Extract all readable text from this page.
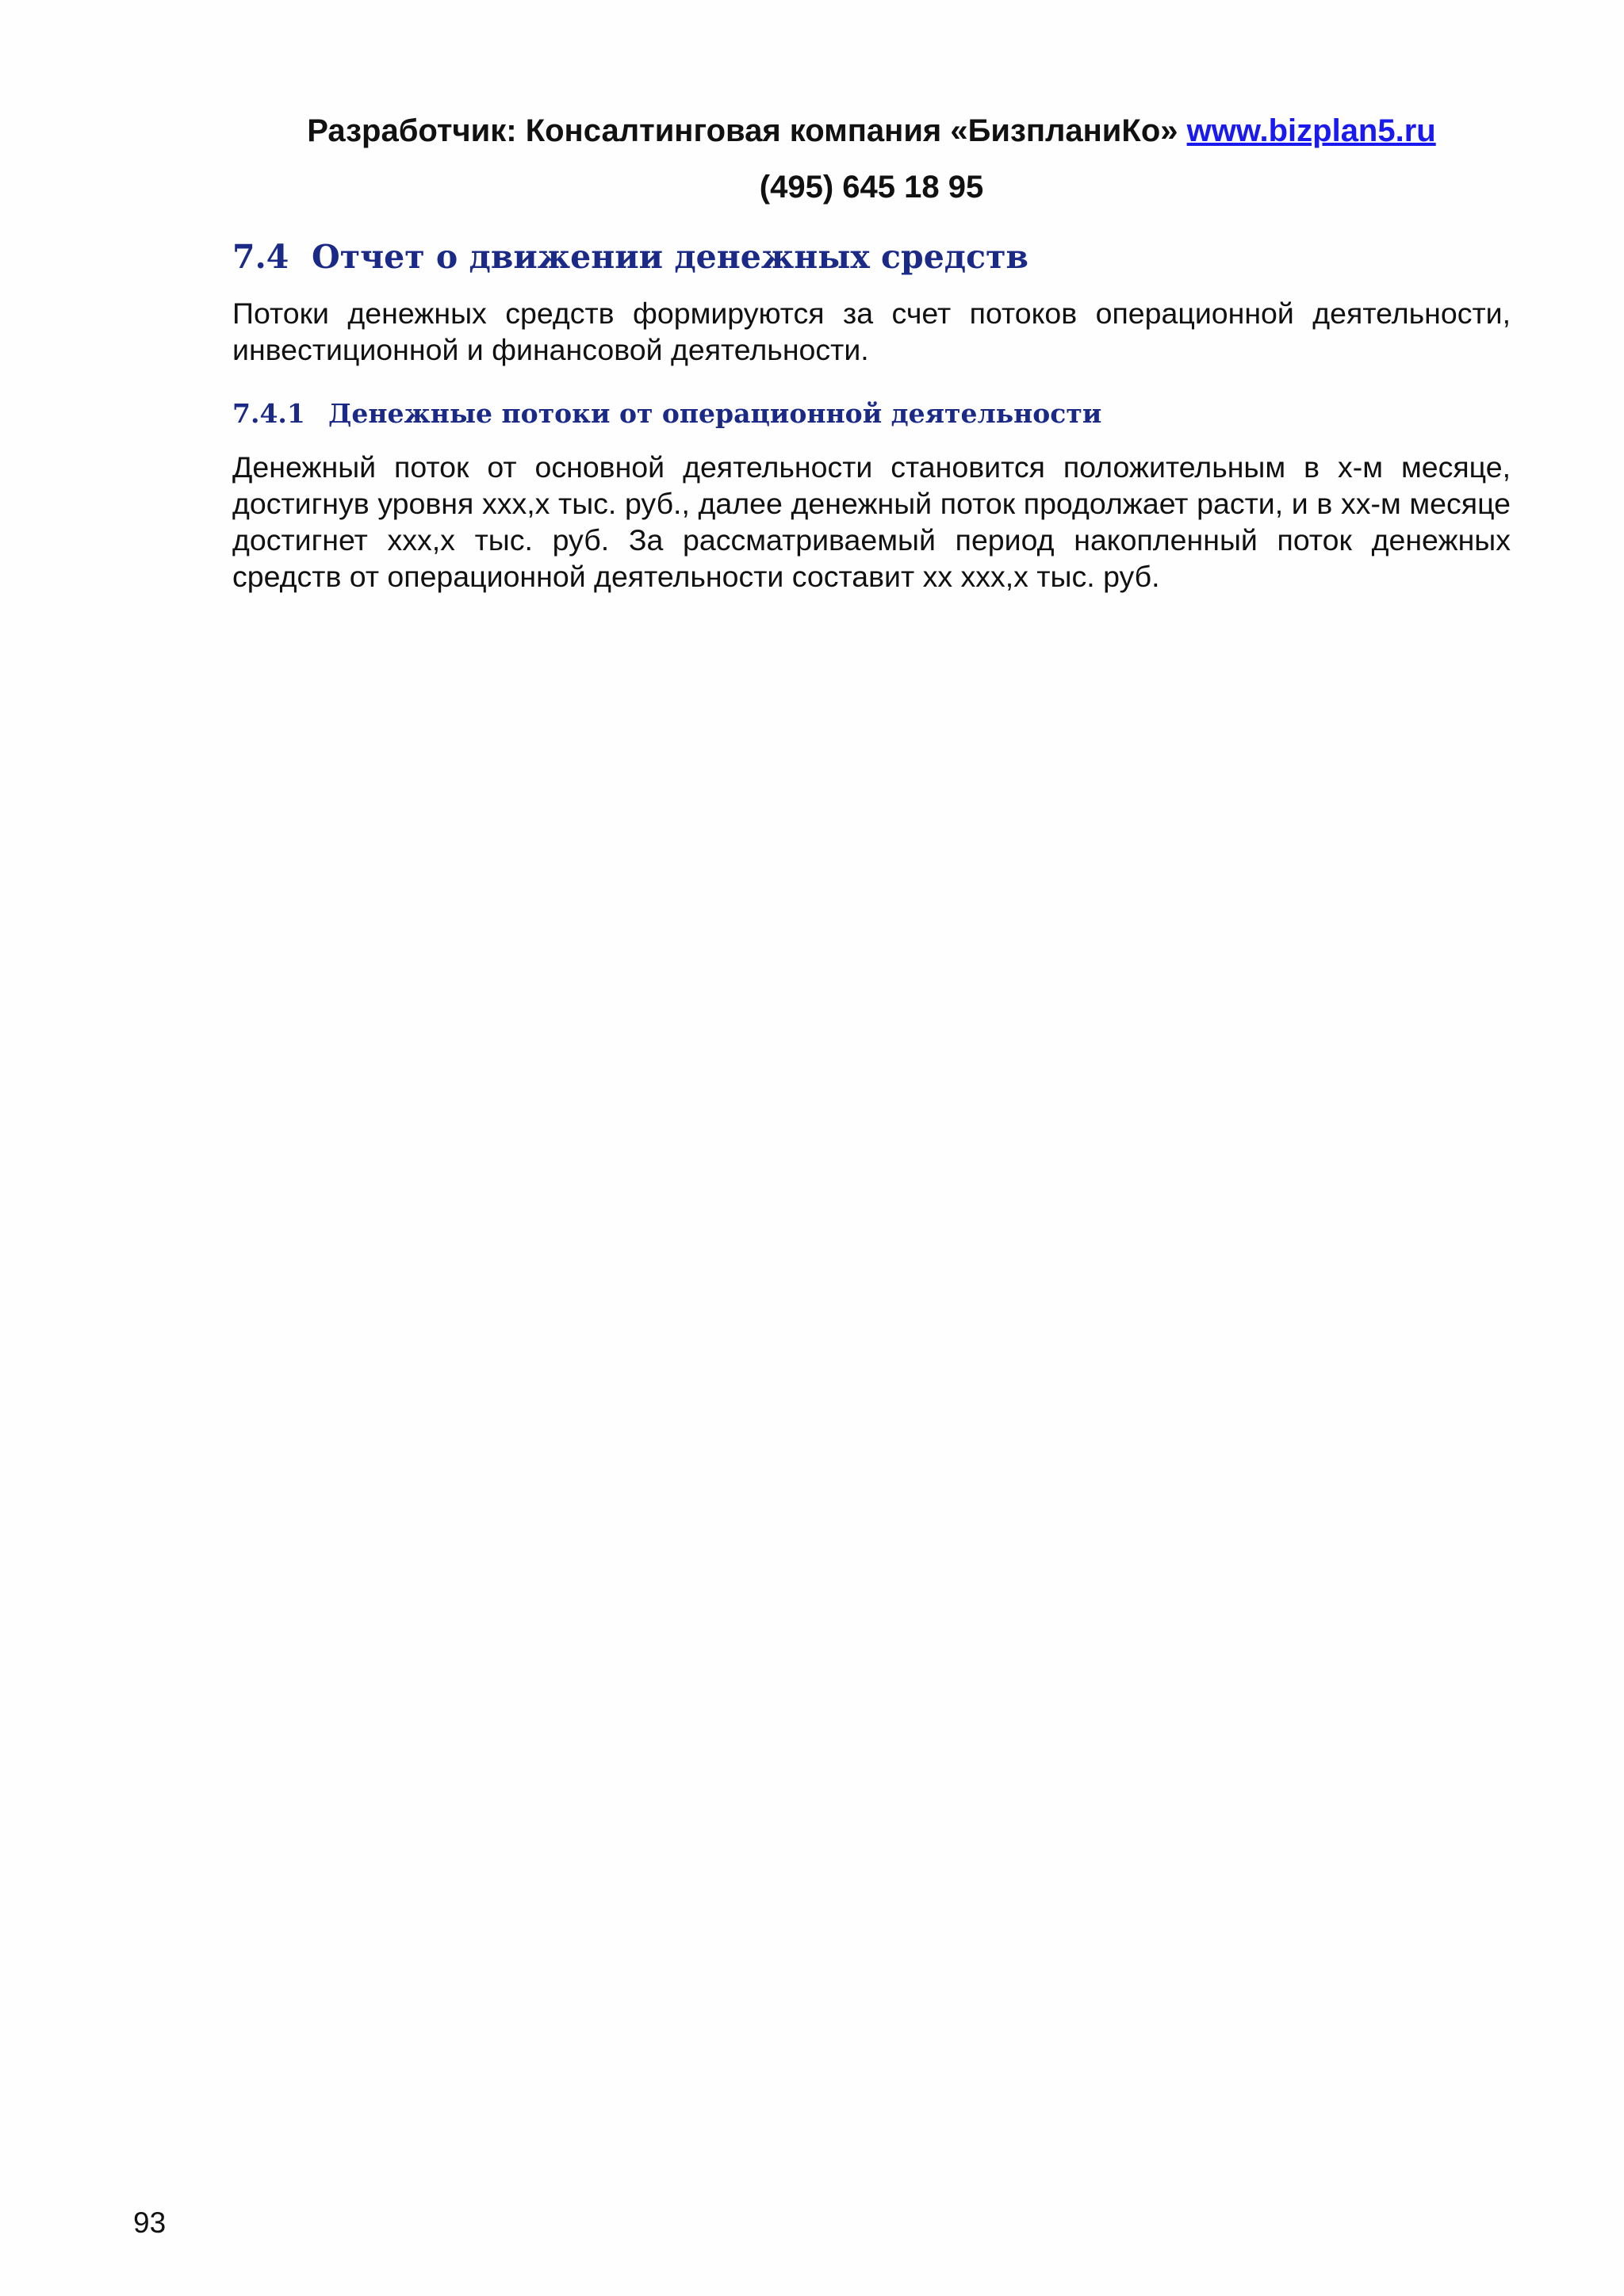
Разработчик: Консалтинговая компания «БизпланиКо» www.bizplan5.ru
(495) 645 18 95
7.4 Отчет о движении денежных средств
Потоки денежных средств формируются за счет потоков операционной деятельности, инвестиционной и финансовой деятельности.
7.4.1 Денежные потоки от операционной деятельности
Денежный поток от основной деятельности становится положительным в х-м месяце, достигнув уровня ххх,х тыс. руб., далее денежный поток продолжает расти, и в хх-м месяце достигнет ххх,х тыс. руб. За рассматриваемый период накопленный поток денежных средств от операционной деятельности составит хх ххх,х тыс. руб.
93
